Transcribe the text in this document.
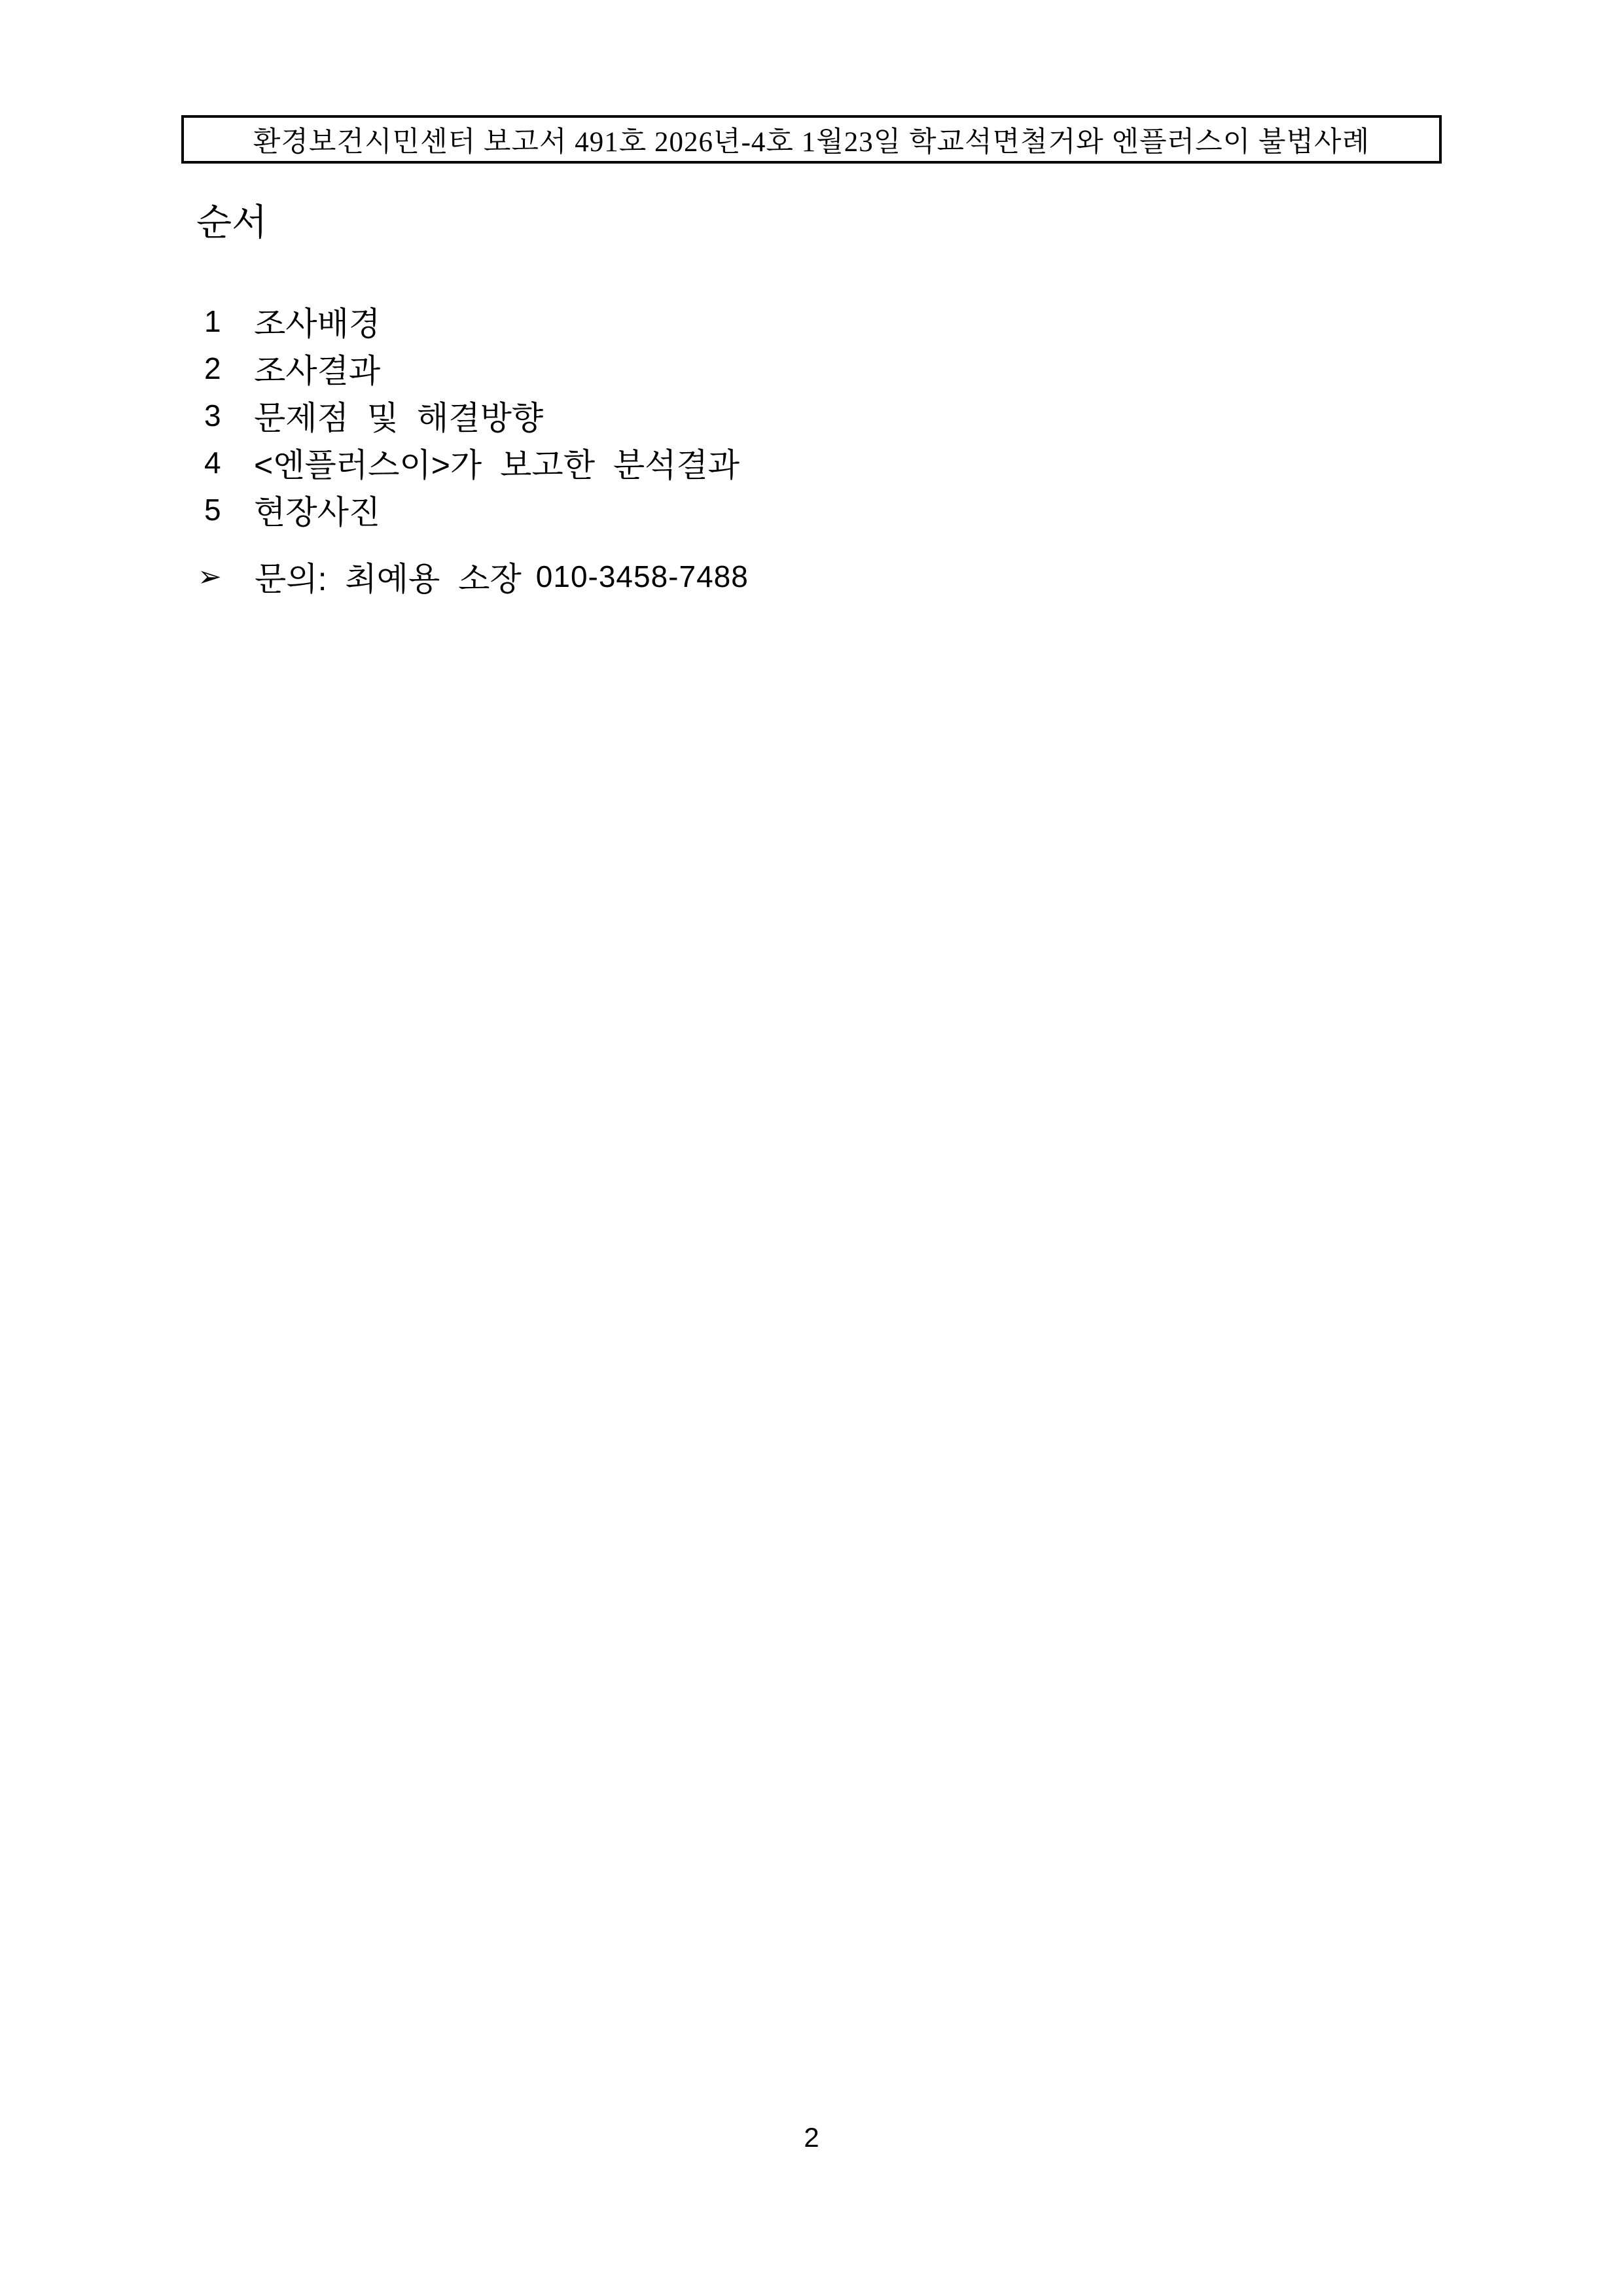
환경보건시민센터 보고서 491호 2026년-4호 1월23일 학교석면철거와 엔플러스이 불법사례
순서
1	조사배경
2	조사결과
3	문제점 및 해결방향
4	<엔플러스이>가 보고한 분석결과
5	현장사진
➢	문의: 최예용 소장 010-3458-7488
2
